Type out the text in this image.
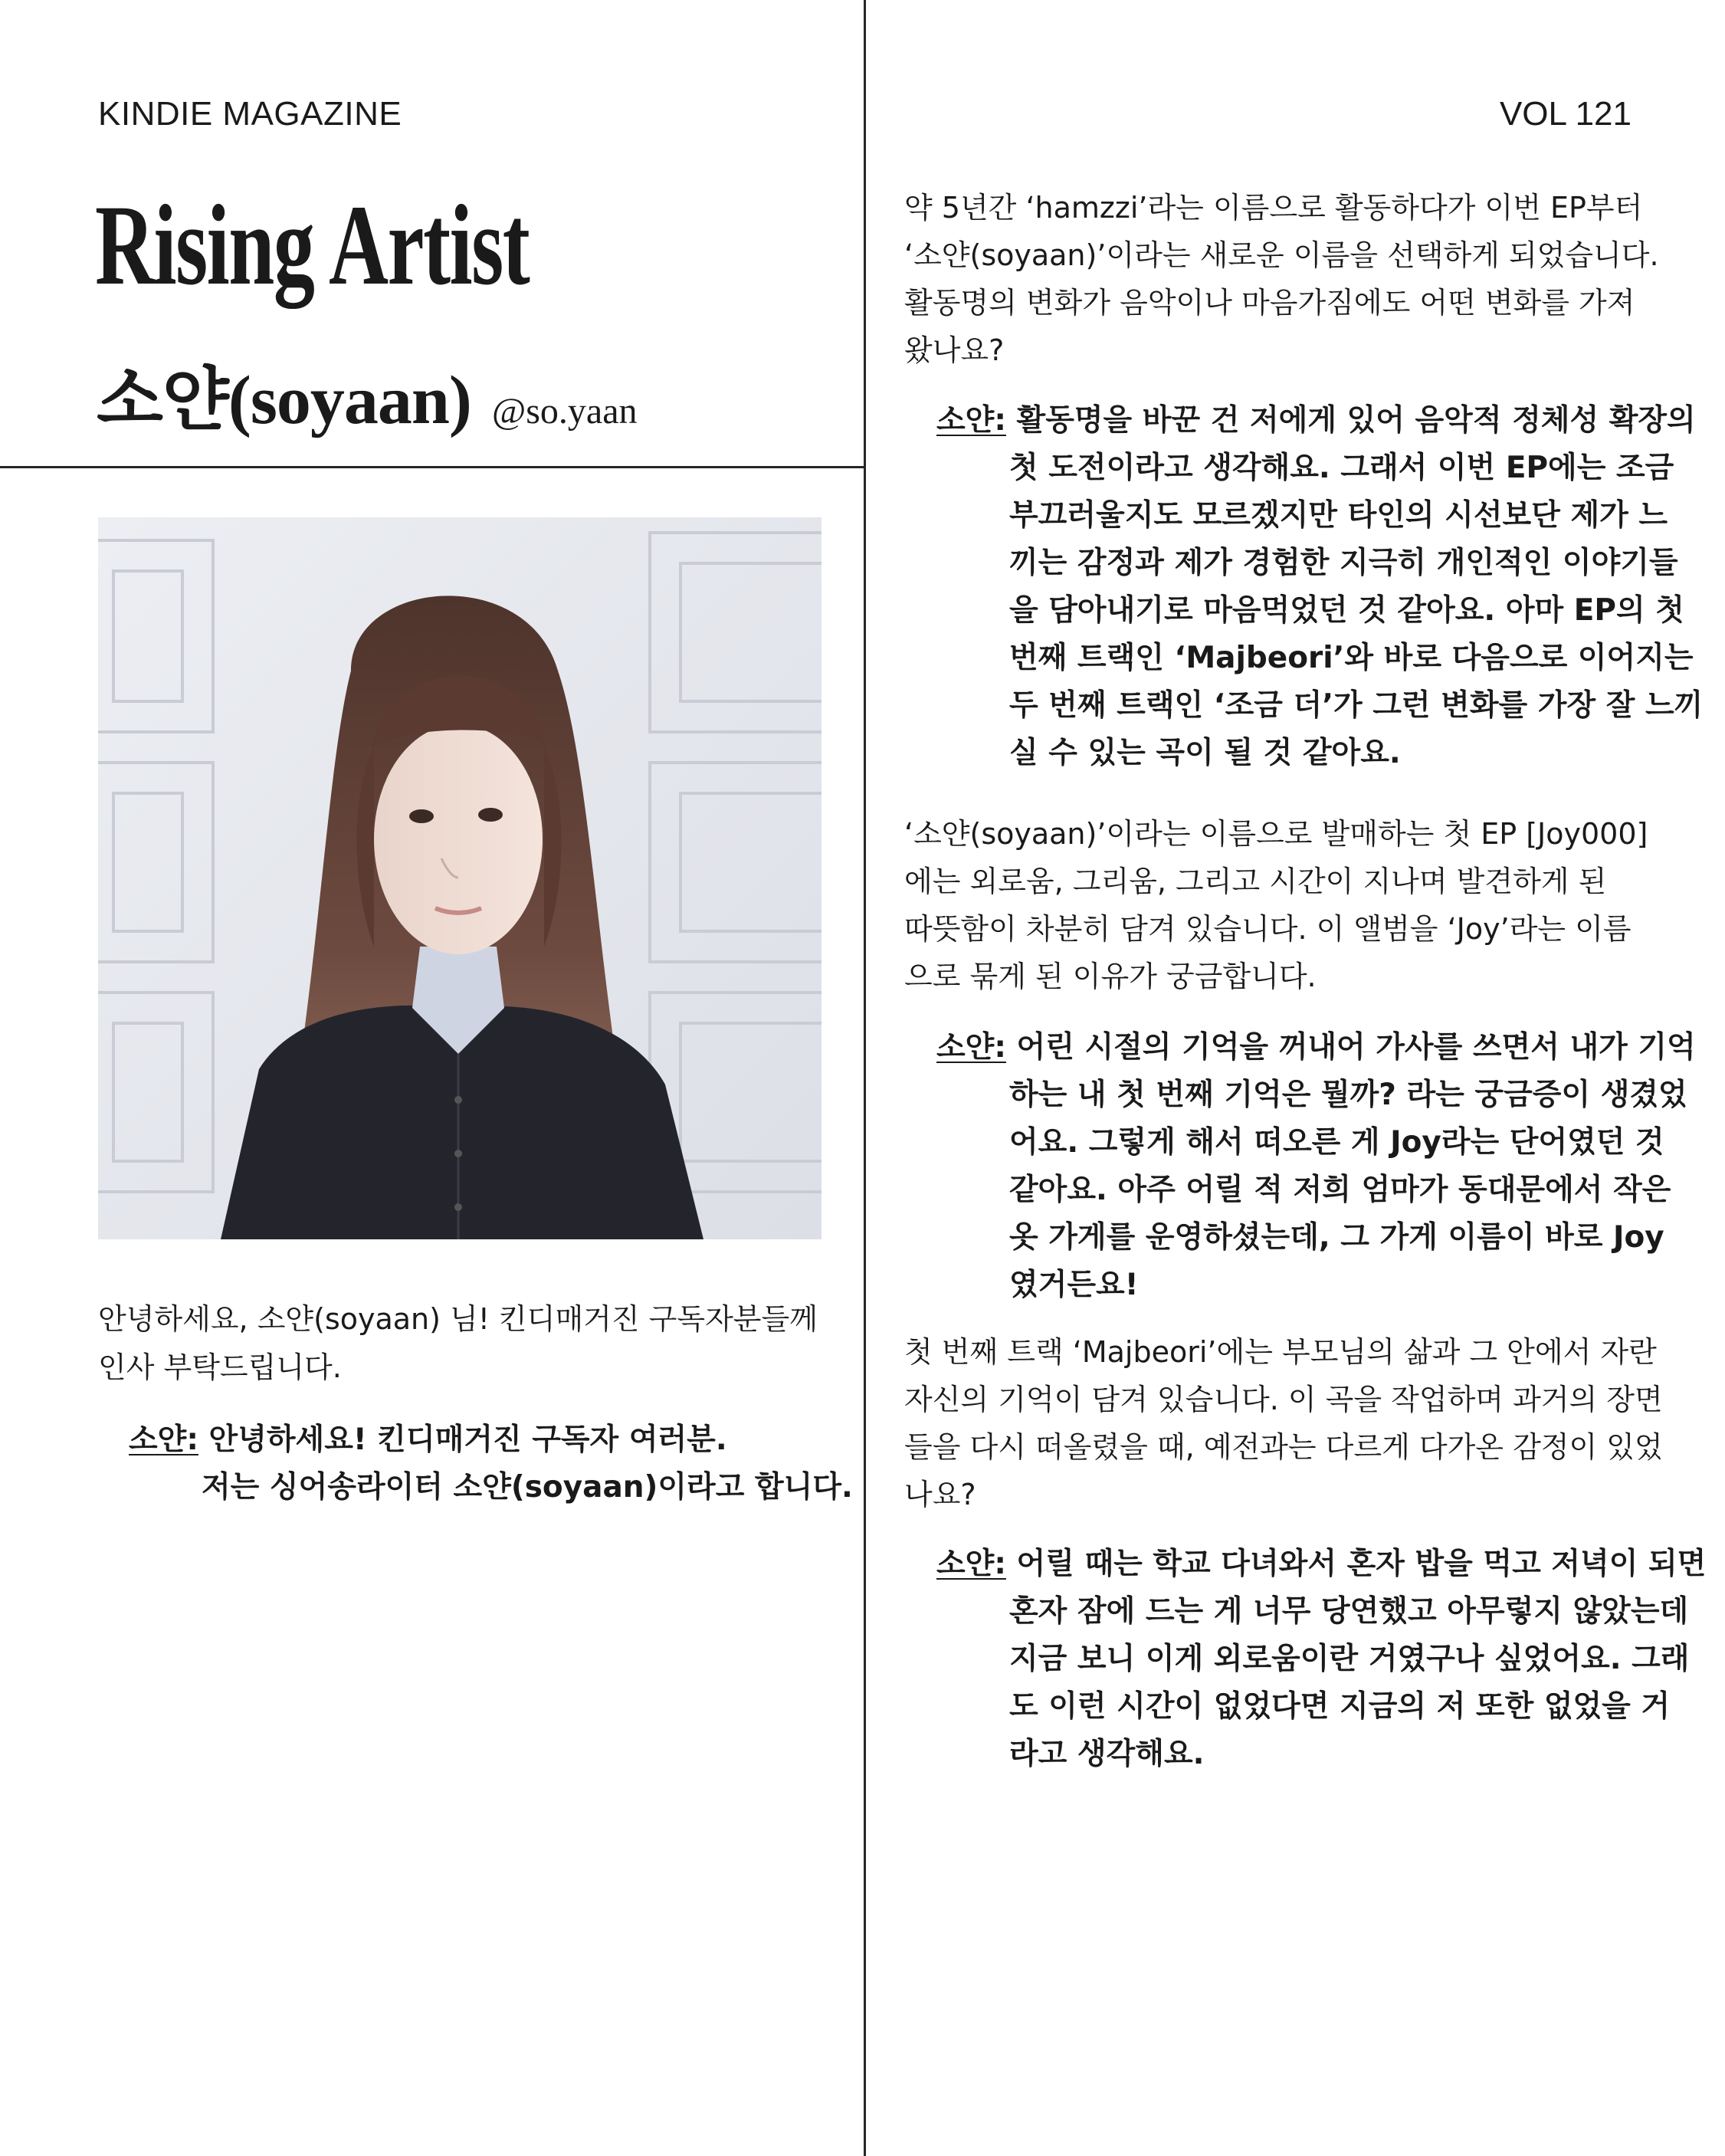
KINDIE MAGAZINE	VOL 121
Rising Artist
소얀(soyaan) @so.yaan
안녕하세요, 소얀(soyaan) 님! 킨디매거진 구독자분들께
인사 부탁드립니다.
소얀: 안녕하세요! 킨디매거진 구독자 여러분.
저는 싱어송라이터 소얀(soyaan)이라고 합니다.
약 5년간 ‘hamzzi’라는 이름으로 활동하다가 이번 EP부터
‘소얀(soyaan)’이라는 새로운 이름을 선택하게 되었습니다.
활동명의 변화가 음악이나 마음가짐에도 어떤 변화를 가져
왔나요?
소얀: 활동명을 바꾼 건 저에게 있어 음악적 정체성 확장의
첫 도전이라고 생각해요. 그래서 이번 EP에는 조금
부끄러울지도 모르겠지만 타인의 시선보단 제가 느
끼는 감정과 제가 경험한 지극히 개인적인 이야기들
을 담아내기로 마음먹었던 것 같아요. 아마 EP의 첫
번째 트랙인 ‘Majbeori’와 바로 다음으로 이어지는
두 번째 트랙인 ‘조금 더’가 그런 변화를 가장 잘 느끼
실 수 있는 곡이 될 것 같아요.
‘소얀(soyaan)’이라는 이름으로 발매하는 첫 EP [Joy000]
에는 외로움, 그리움, 그리고 시간이 지나며 발견하게 된
따뜻함이 차분히 담겨 있습니다. 이 앨범을 ‘Joy’라는 이름
으로 묶게 된 이유가 궁금합니다.
소얀: 어린 시절의 기억을 꺼내어 가사를 쓰면서 내가 기억
하는 내 첫 번째 기억은 뭘까? 라는 궁금증이 생겼었
어요. 그렇게 해서 떠오른 게 Joy라는 단어였던 것
같아요. 아주 어릴 적 저희 엄마가 동대문에서 작은
옷 가게를 운영하셨는데, 그 가게 이름이 바로 Joy
였거든요!
첫 번째 트랙 ‘Majbeori’에는 부모님의 삶과 그 안에서 자란
자신의 기억이 담겨 있습니다. 이 곡을 작업하며 과거의 장면
들을 다시 떠올렸을 때, 예전과는 다르게 다가온 감정이 있었
나요?
소얀: 어릴 때는 학교 다녀와서 혼자 밥을 먹고 저녁이 되면
혼자 잠에 드는 게 너무 당연했고 아무렇지 않았는데
지금 보니 이게 외로움이란 거였구나 싶었어요. 그래
도 이런 시간이 없었다면 지금의 저 또한 없었을 거
라고 생각해요.
